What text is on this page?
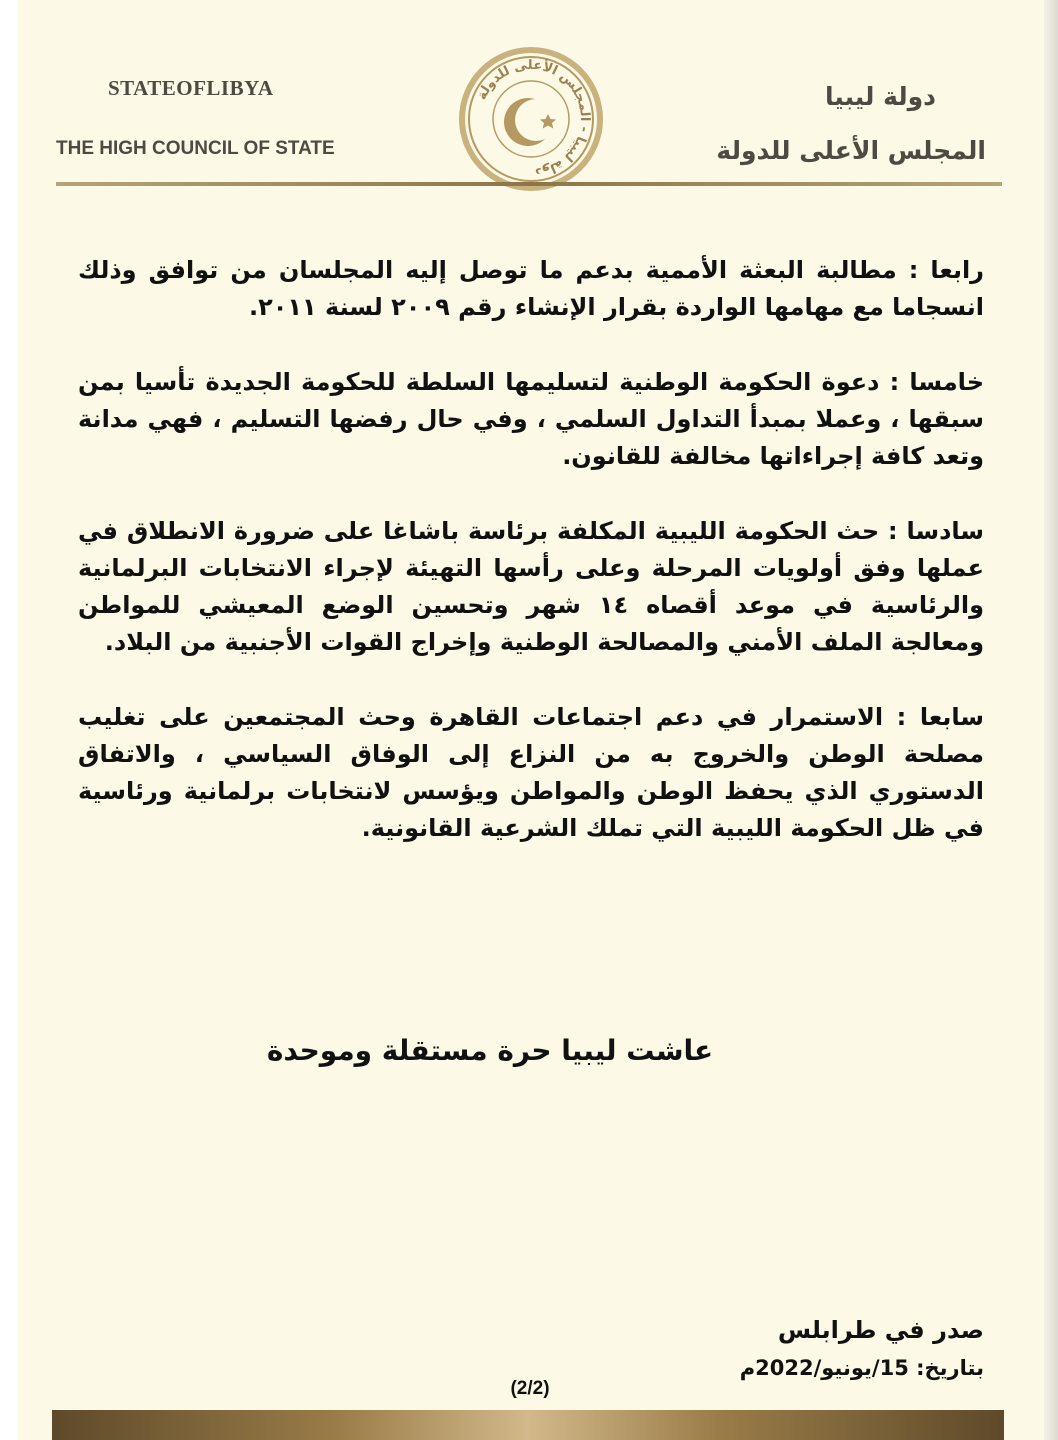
STATEOFLIBYA
THE HIGH COUNCIL OF STATE
دولة ليبيا
المجلس الأعلى للدولة
دولة ليبيا - المجلس الأعلى للدولة

رابعا : مطالبة البعثة الأممية بدعم ما توصل إليه المجلسان من توافق وذلك انسجاما مع مهامها الواردة بقرار الإنشاء رقم ٢٠٠٩ لسنة ٢٠١١.

خامسا : دعوة الحكومة الوطنية لتسليمها السلطة للحكومة الجديدة تأسيا بمن سبقها ، وعملا بمبدأ التداول السلمي ، وفي حال رفضها التسليم ، فهي مدانة وتعد كافة إجراءاتها مخالفة للقانون.

سادسا : حث الحكومة الليبية المكلفة برئاسة باشاغا على ضرورة الانطلاق في عملها وفق أولويات المرحلة وعلى رأسها التهيئة لإجراء الانتخابات البرلمانية والرئاسية في موعد أقصاه ١٤ شهر وتحسين الوضع المعيشي للمواطن ومعالجة الملف الأمني والمصالحة الوطنية وإخراج القوات الأجنبية من البلاد.

سابعا : الاستمرار في دعم اجتماعات القاهرة وحث المجتمعين على تغليب مصلحة الوطن والخروج به من النزاع إلى الوفاق السياسي ، والاتفاق الدستوري الذي يحفظ الوطن والمواطن ويؤسس لانتخابات برلمانية ورئاسية في ظل الحكومة الليبية التي تملك الشرعية القانونية.

عاشت ليبيا حرة مستقلة وموحدة
صدر في طرابلس
بتاريخ: 15/يونيو/2022م
(2/2)
